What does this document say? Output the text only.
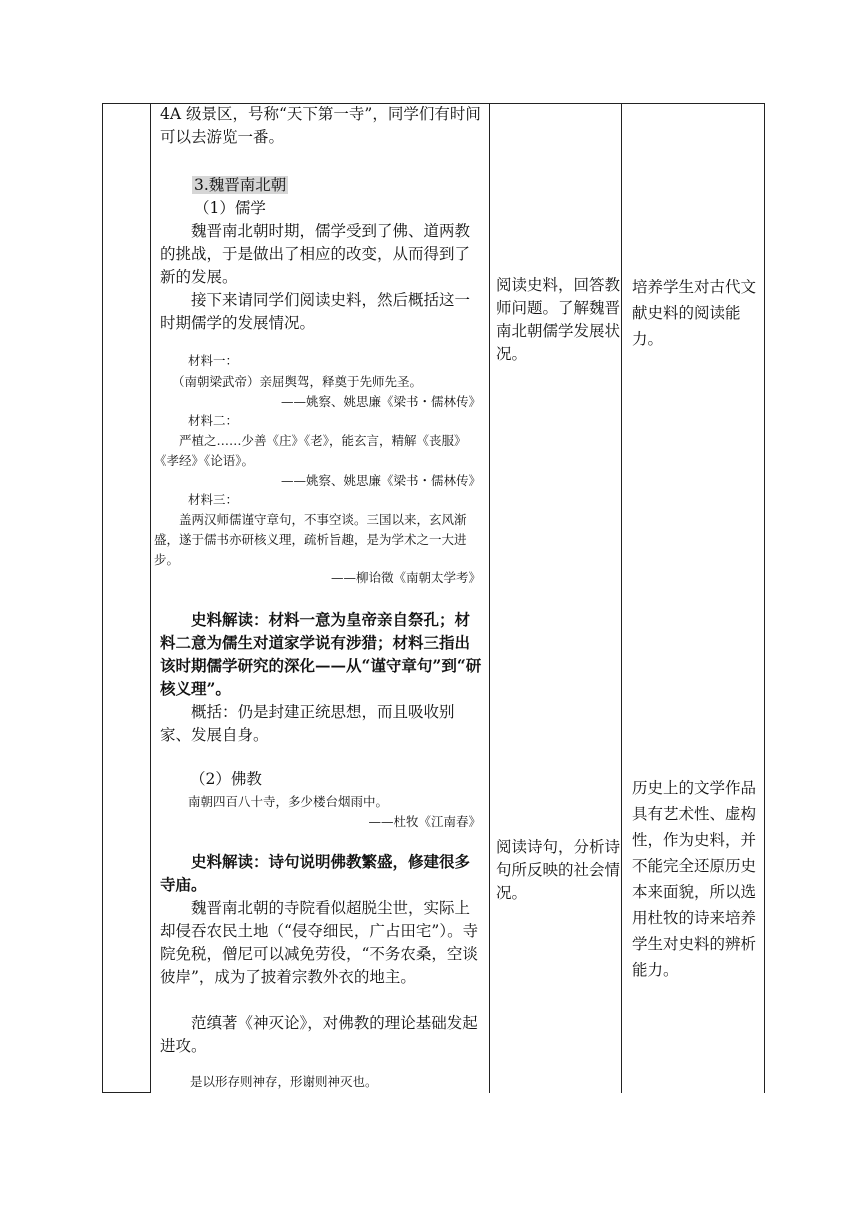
4A 级景区，号称“天下第一寺”，同学们有时间可以去游览一番。

3.魏晋南北朝

（1）儒学

魏晋南北朝时期，儒学受到了佛、道两教的挑战，于是做出了相应的改变，从而得到了新的发展。

接下来请同学们阅读史料，然后概括这一时期儒学的发展情况。

材料一：

（南朝梁武帝）亲屈舆驾，释奠于先师先圣。

——姚察、姚思廉《梁书・儒林传》

材料二：

严植之……少善《庄》《老》，能玄言，精解《丧服》《孝经》《论语》。

——姚察、姚思廉《梁书・儒林传》

材料三：

盖两汉师儒谨守章句，不事空谈。三国以来，玄风渐盛，遂于儒书亦研核义理，疏析旨趣，是为学术之一大进步。

——柳诒徵《南朝太学考》

史料解读：材料一意为皇帝亲自祭孔；材料二意为儒生对道家学说有涉猎；材料三指出该时期儒学研究的深化——从“谨守章句”到“研核义理”。

概括：仍是封建正统思想，而且吸收别家、发展自身。

（2）佛教

南朝四百八十寺，多少楼台烟雨中。

——杜牧《江南春》

史料解读：诗句说明佛教繁盛，修建很多寺庙。

魏晋南北朝的寺院看似超脱尘世，实际上却侵吞农民土地（“侵夺细民，广占田宅”）。寺院免税，僧尼可以减免劳役，“不务农桑，空谈彼岸”，成为了披着宗教外衣的地主。

范缜著《神灭论》，对佛教的理论基础发起进攻。

是以形存则神存，形谢则神灭也。

阅读史料，回答教师问题。了解魏晋南北朝儒学发展状况。

阅读诗句，分析诗句所反映的社会情况。

培养学生对古代文献史料的阅读能力。

历史上的文学作品具有艺术性、虚构性，作为史料，并不能完全还原历史本来面貌，所以选用杜牧的诗来培养学生对史料的辨析能力。
